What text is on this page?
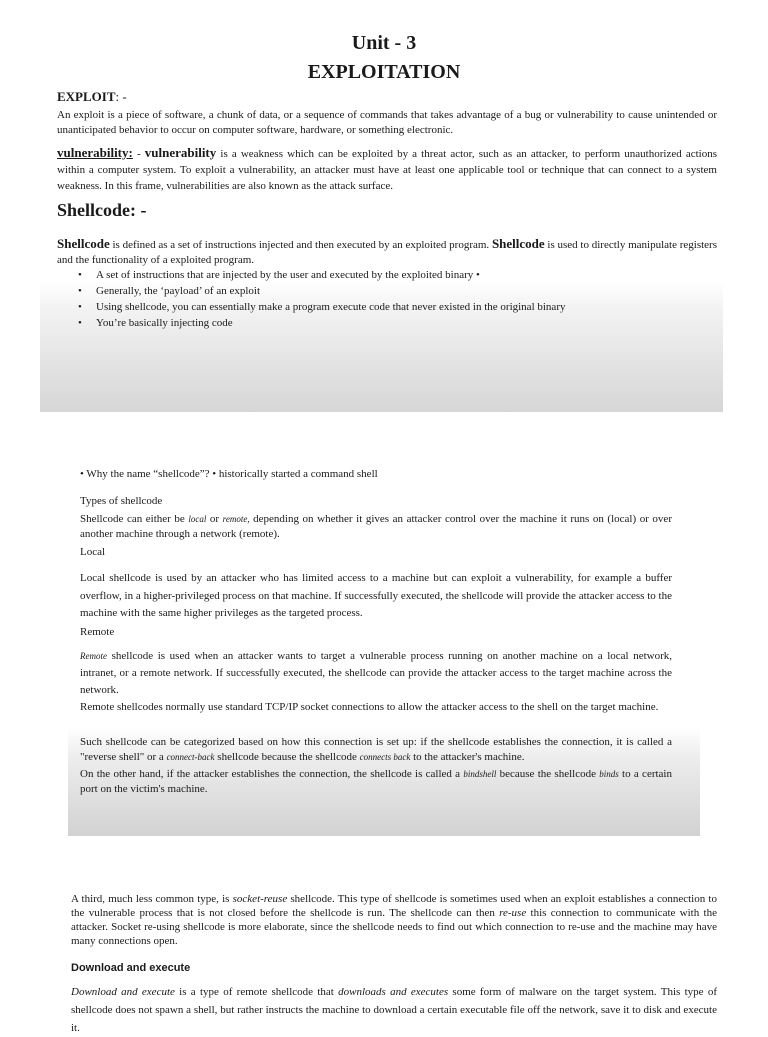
Unit - 3
EXPLOITATION
EXPLOIT: -
An exploit is a piece of software, a chunk of data, or a sequence of commands that takes advantage of a bug or vulnerability to cause unintended or unanticipated behavior to occur on computer software, hardware, or something electronic.
vulnerability: - vulnerability is a weakness which can be exploited by a threat actor, such as an attacker, to perform unauthorized actions within a computer system. To exploit a vulnerability, an attacker must have at least one applicable tool or technique that can connect to a system weakness. In this frame, vulnerabilities are also known as the attack surface.
Shellcode: -
Shellcode is defined as a set of instructions injected and then executed by an exploited program. Shellcode is used to directly manipulate registers and the functionality of a exploited program.
• A set of instructions that are injected by the user and executed by the exploited binary •
• Generally, the ‘payload’ of an exploit
• Using shellcode, you can essentially make a program execute code that never existed in the original binary
• You’re basically injecting code
• Why the name “shellcode”? • historically started a command shell
Types of shellcode
Shellcode can either be local or remote, depending on whether it gives an attacker control over the machine it runs on (local) or over another machine through a network (remote).
Local
Local shellcode is used by an attacker who has limited access to a machine but can exploit a vulnerability, for example a buffer overflow, in a higher-privileged process on that machine. If successfully executed, the shellcode will provide the attacker access to the machine with the same higher privileges as the targeted process.
Remote
Remote shellcode is used when an attacker wants to target a vulnerable process running on another machine on a local network, intranet, or a remote network. If successfully executed, the shellcode can provide the attacker access to the target machine across the network.
Remote shellcodes normally use standard TCP/IP socket connections to allow the attacker access to the shell on the target machine.
Such shellcode can be categorized based on how this connection is set up: if the shellcode establishes the connection, it is called a "reverse shell" or a connect-back shellcode because the shellcode connects back to the attacker's machine.
On the other hand, if the attacker establishes the connection, the shellcode is called a bindshell because the shellcode binds to a certain port on the victim's machine.
A third, much less common type, is socket-reuse shellcode. This type of shellcode is sometimes used when an exploit establishes a connection to the vulnerable process that is not closed before the shellcode is run. The shellcode can then re-use this connection to communicate with the attacker. Socket re-using shellcode is more elaborate, since the shellcode needs to find out which connection to re-use and the machine may have many connections open.
Download and execute
Download and execute is a type of remote shellcode that downloads and executes some form of malware on the target system. This type of shellcode does not spawn a shell, but rather instructs the machine to download a certain executable file off the network, save it to disk and execute it.
